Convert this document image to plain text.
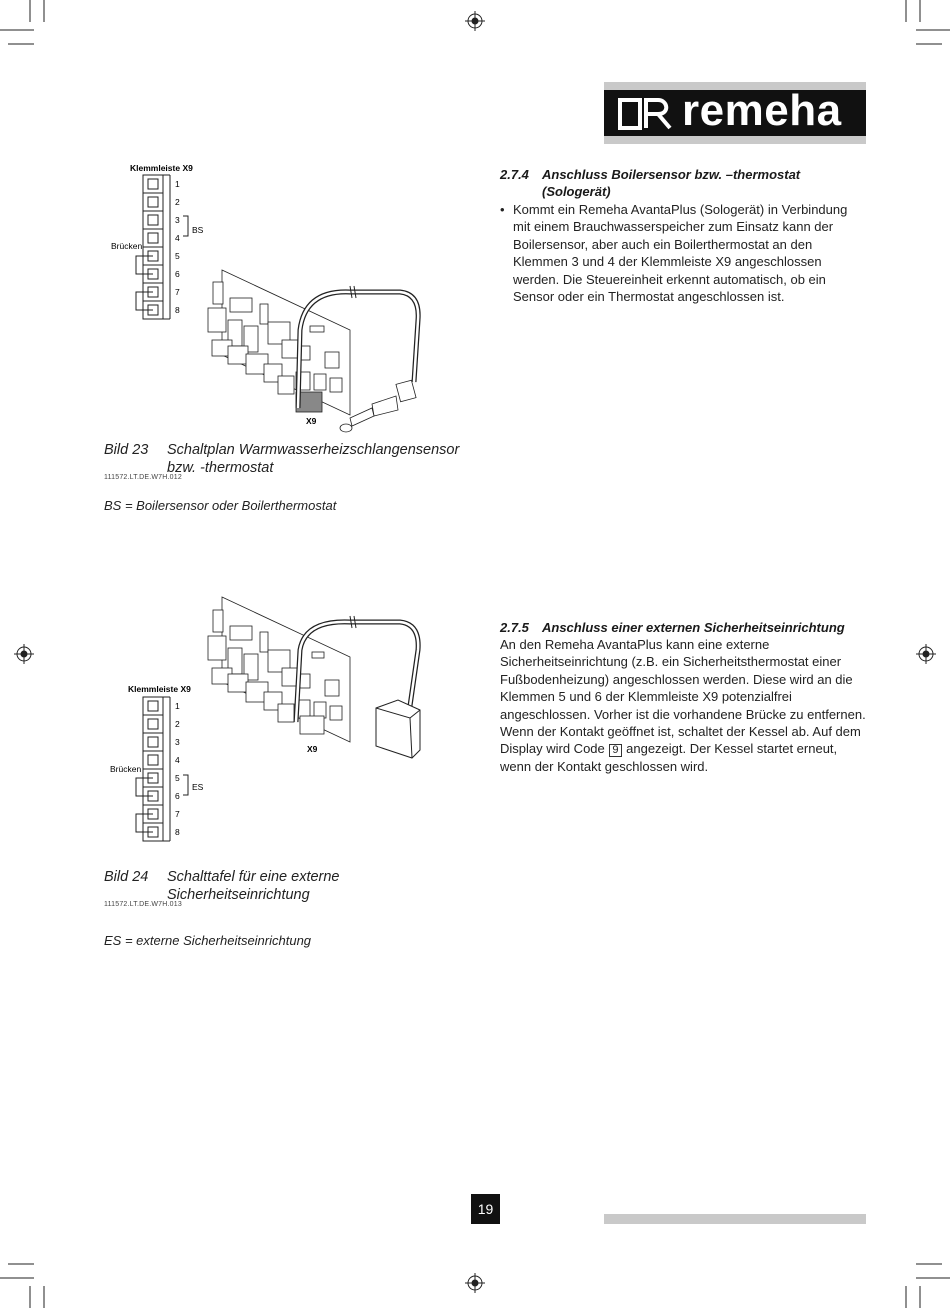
remeha
Klemmleiste X9
1
2
3
4
5
6
7
8
BS
Brücken
X9
Bild 23 Schaltplan Warmwasserheizschlangensensor
bzw. -thermostat
111572.LT.DE.W7H.012
BS = Boilersensor oder Boilerthermostat
2.7.4 Anschluss Boilersensor bzw. –thermostat
(Sologerät)
• Kommt ein Remeha AvantaPlus (Sologerät) in Verbindung mit einem Brauchwasserspeicher zum Einsatz kann der Boilersensor, aber auch ein Boilerthermostat an den Klemmen 3 und 4 der Klemmleiste X9 angeschlossen werden. Die Steuereinheit erkennt automatisch, ob ein Sensor oder ein Thermostat angeschlossen ist.
X9
Klemmleiste X9
1
2
3
4
5
6
7
8
ES
Brücken
Bild 24 Schalttafel für eine externe
Sicherheitseinrichtung
111572.LT.DE.W7H.013
ES = externe Sicherheitseinrichtung
2.7.5 Anschluss einer externen Sicherheitseinrichtung
An den Remeha AvantaPlus kann eine externe Sicherheitseinrichtung (z.B. ein Sicherheitsthermostat einer Fußbodenheizung) angeschlossen werden. Diese wird an die Klemmen 5 und 6 der Klemmleiste X9 potenzialfrei angeschlossen. Vorher ist die vorhandene Brücke zu entfernen. Wenn der Kontakt geöffnet ist, schaltet der Kessel ab. Auf dem Display wird Code 9 angezeigt. Der Kessel startet erneut, wenn der Kontakt geschlossen wird.
19
